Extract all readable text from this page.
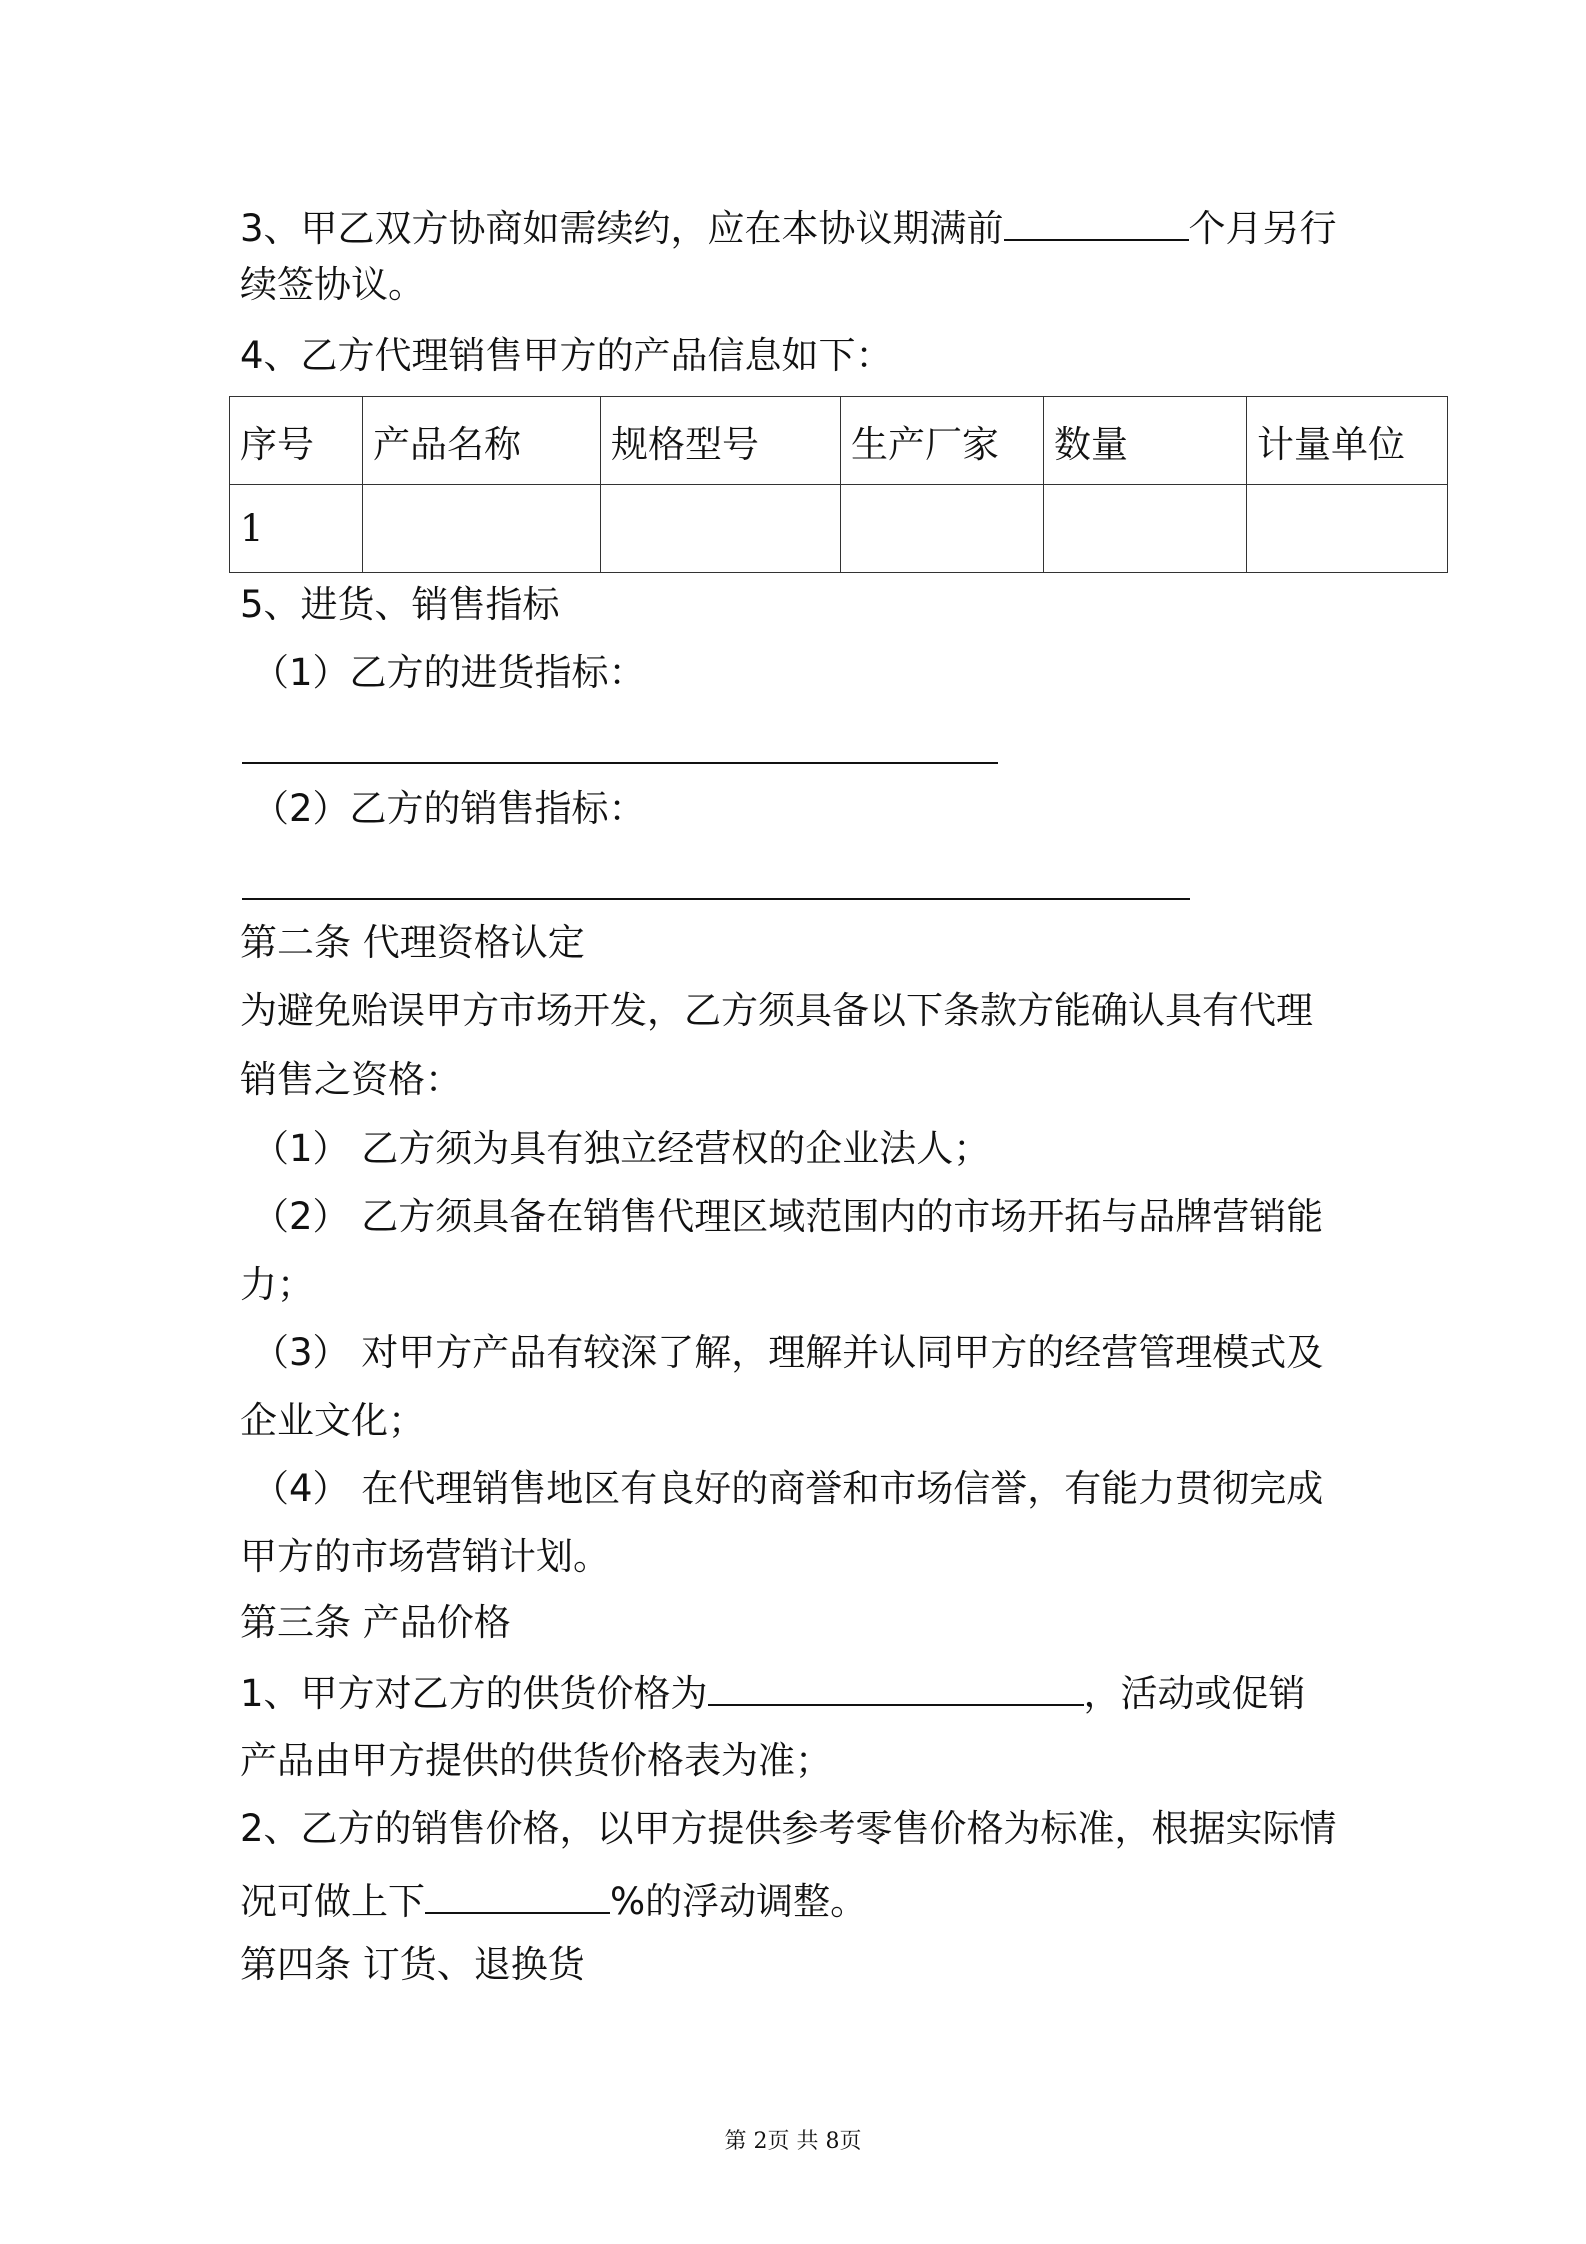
3、甲乙双方协商如需续约，应在本协议期满前	个月另行
续签协议。
4、乙方代理销售甲方的产品信息如下：
序号	产品名称	规格型号	生产厂家	数量	计量单位
1					
5、进货、销售指标
（1）乙方的进货指标：
（2）乙方的销售指标：
第二条 代理资格认定
为避免贻误甲方市场开发，乙方须具备以下条款方能确认具有代理
销售之资格：
（1） 乙方须为具有独立经营权的企业法人；
（2） 乙方须具备在销售代理区域范围内的市场开拓与品牌营销能
力；
（3） 对甲方产品有较深了解，理解并认同甲方的经营管理模式及
企业文化；
（4） 在代理销售地区有良好的商誉和市场信誉，有能力贯彻完成
甲方的市场营销计划。
第三条 产品价格
1、甲方对乙方的供货价格为	，活动或促销
产品由甲方提供的供货价格表为准；
2、乙方的销售价格，以甲方提供参考零售价格为标准，根据实际情
况可做上下	%的浮动调整。
第四条 订货、退换货
第 2页 共 8页
